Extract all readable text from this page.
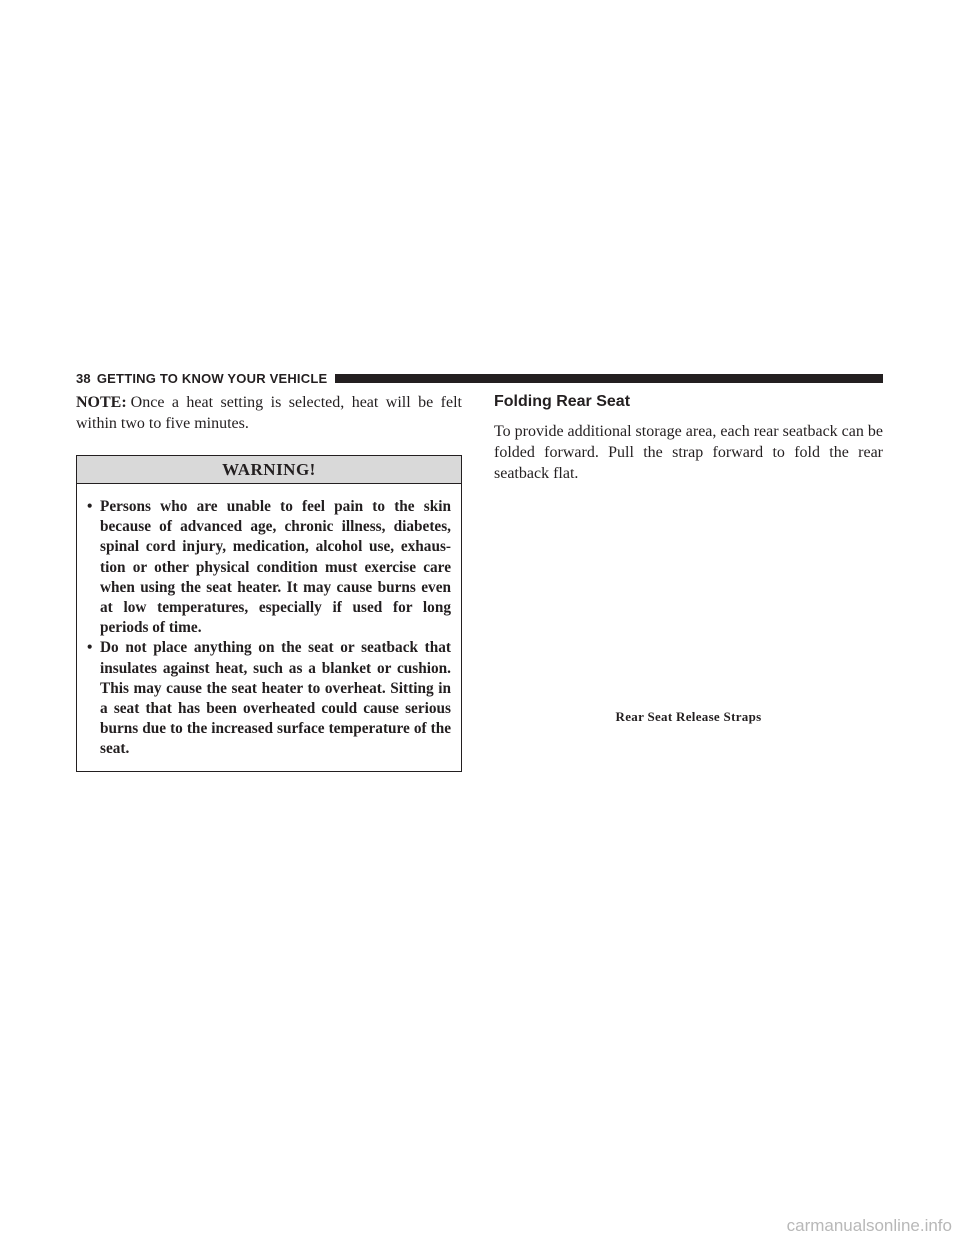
38 GETTING TO KNOW YOUR VEHICLE

NOTE: Once a heat setting is selected, heat will be felt within two to five minutes.

WARNING!
• Persons who are unable to feel pain to the skin because of advanced age, chronic illness, diabetes, spinal cord injury, medication, alcohol use, exhaus- tion or other physical condition must exercise care when using the seat heater. It may cause burns even at low temperatures, especially if used for long periods of time.
• Do not place anything on the seat or seatback that insulates against heat, such as a blanket or cushion. This may cause the seat heater to overheat. Sitting in a seat that has been overheated could cause serious burns due to the increased surface temperature of the seat.
Folding Rear Seat

To provide additional storage area, each rear seatback can be folded forward. Pull the strap forward to fold the rear seatback flat.

Rear Seat Release Straps
carmanualsonline.info
